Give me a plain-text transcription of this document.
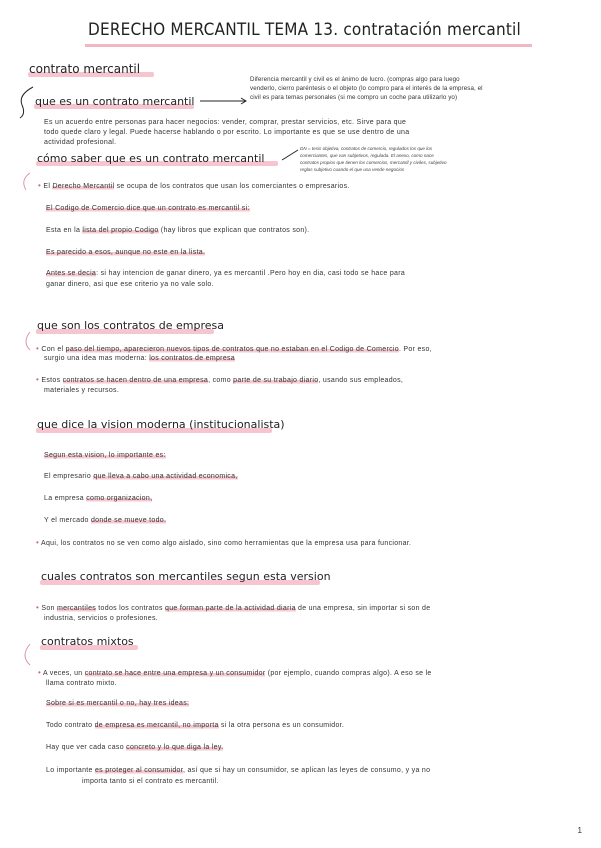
DERECHO MERCANTIL TEMA 13. contratación mercantil
contrato mercantil
Diferencia mercantil y civil es el ánimo de lucro. (compras algo para luego
venderlo, cierro paréntesis o el objeto (lo compro para el interés de la empresa, el
civil es para temas personales (si me compro un coche para utilizarlo yo)
que es un contrato mercantil
Es un acuerdo entre personas para hacer negocios: vender, comprar, prestar servicios, etc. Sirve para que
todo quede claro y legal. Puede hacerse hablando o por escrito. Lo importante es que se use dentro de una
actividad profesional.
cómo saber que es un contrato mercantil
DN = tesis objetiva, contratos de comercio, regulados los que los
comerciantes, que van subjetivos, regulada. El anexo, como nace
contratos propios que tienen los comercios, mercantil y civiles, subjetivo
reglas subjetivo cuando el que usa vende negocios
• El Derecho Mercantil se ocupa de los contratos que usan los comerciantes o empresarios.
El Codigo de Comercio dice que un contrato es mercantil si:
Esta en la lista del propio Codigo (hay libros que explican que contratos son).
Es parecido a esos, aunque no este en la lista.
Antes se decia: si hay intencion de ganar dinero, ya es mercantil .Pero hoy en dia, casi todo se hace para
ganar dinero, asi que ese criterio ya no vale solo.
que son los contratos de empresa
• Con el paso del tiempo, aparecieron nuevos tipos de contratos que no estaban en el Codigo de Comercio. Por eso,
surgio una idea mas moderna: los contratos de empresa
• Estos contratos se hacen dentro de una empresa, como parte de su trabajo diario, usando sus empleados,
materiales y recursos.
que dice la vision moderna (institucionalista)
Segun esta vision, lo importante es:
El empresario que lleva a cabo una actividad economica,
La empresa como organizacion,
Y el mercado donde se mueve todo.
• Aqui, los contratos no se ven como algo aislado, sino como herramientas que la empresa usa para funcionar.
cuales contratos son mercantiles segun esta version
• Son mercantiles todos los contratos que forman parte de la actividad diaria de una empresa, sin importar si son de
industria, servicios o profesiones.
contratos mixtos
• A veces, un contrato se hace entre una empresa y un consumidor (por ejemplo, cuando compras algo). A eso se le
llama contrato mixto.
Sobre si es mercantil o no, hay tres ideas:
Todo contrato de empresa es mercantil, no importa si la otra persona es un consumidor.
Hay que ver cada caso concreto y lo que diga la ley.
Lo importante es proteger al consumidor, así que si hay un consumidor, se aplican las leyes de consumo, y ya no
importa tanto si el contrato es mercantil.
1
